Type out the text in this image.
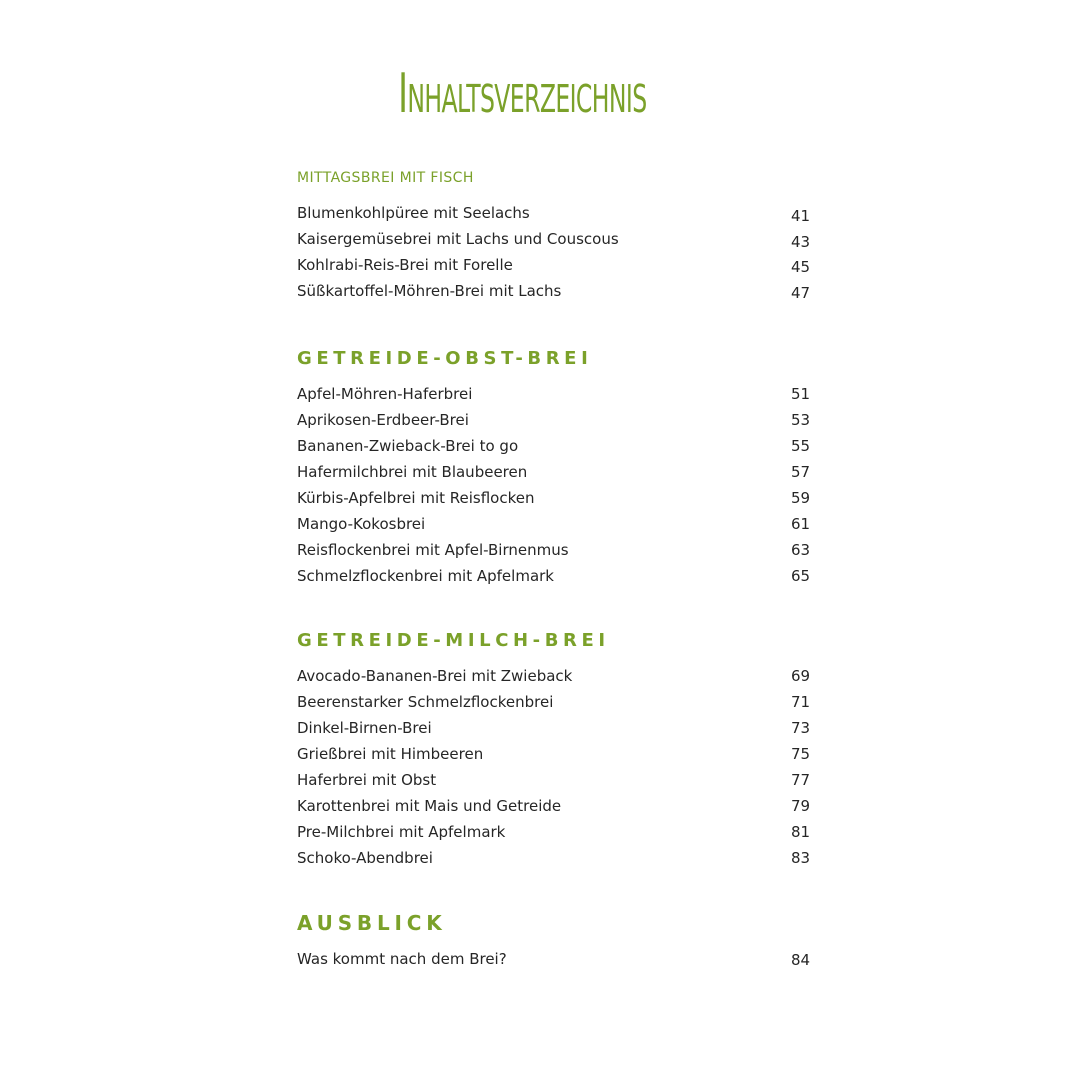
Inhaltsverzeichnis
MITTAGSBREI MIT FISCH
Blumenkohlpüree mit Seelachs	41
Kaisergemüsebrei mit Lachs und Couscous	43
Kohlrabi-Reis-Brei mit Forelle	45
Süßkartoffel-Möhren-Brei mit Lachs	47
GETREIDE-OBST-BREI
Apfel-Möhren-Haferbrei	51
Aprikosen-Erdbeer-Brei	53
Bananen-Zwieback-Brei to go	55
Hafermilchbrei mit Blaubeeren	57
Kürbis-Apfelbrei mit Reisflocken	59
Mango-Kokosbrei	61
Reisflockenbrei mit Apfel-Birnenmus	63
Schmelzflockenbrei mit Apfelmark	65
GETREIDE-MILCH-BREI
Avocado-Bananen-Brei mit Zwieback	69
Beerenstarker Schmelzflockenbrei	71
Dinkel-Birnen-Brei	73
Grießbrei mit Himbeeren	75
Haferbrei mit Obst	77
Karottenbrei mit Mais und Getreide	79
Pre-Milchbrei mit Apfelmark	81
Schoko-Abendbrei	83
AUSBLICK
Was kommt nach dem Brei?	84
